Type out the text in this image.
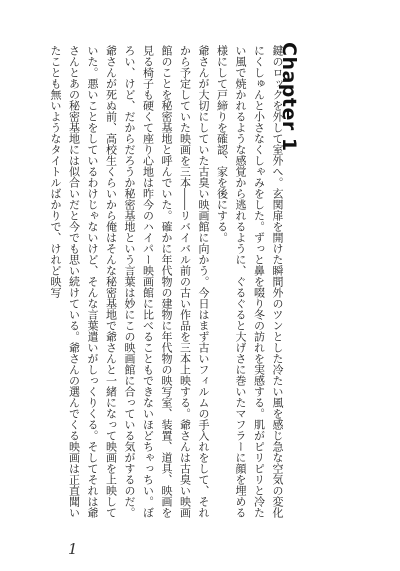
Chapter 1

鍵のロックを外して室外へ。玄関扉を開けた瞬間外のツンとした冷たい風を感じ急な空気の変化にくしゅんと小さなくしゃみをした。ずっと鼻を啜り冬の訪れを実感する。肌がピリピリと冷たい風で焼かれるような感覚から逃れるように、ぐるぐると大げさに巻いたマフラーに顔を埋める様にして戸締りを確認、家を後にする。

爺さんが大切にしていた古臭い映画館に向かう。今日はまず古いフィルムの手入れをして、それから予定していた映画を三本――リバイバル前の古い作品を三本上映する。爺さんは古臭い映画館のことを秘密基地と呼んでいた。確かに年代物の建物に年代物の映写室、装置、道具、映画を見る椅子も硬くて座り心地は昨今のハイパー映画館に比べることもできないほどちゃっちい。ぼろい、けど、だからだろうか秘密基地という言葉は妙にこの映画館に合っている気がするのだ。

爺さんが死ぬ前、高校生くらいから俺はそんな秘密基地で爺さんと一緒になって映画を上映していた。悪いことをしているわけじゃないけど、そんな言葉遣いがしっくりくる。そしてそれは爺さんとあの秘密基地には似合いだと今でも思い続けている。爺さんの選んでくる映画は正直聞いたことも無いようなタイトルばかりで、けれど映写

1
